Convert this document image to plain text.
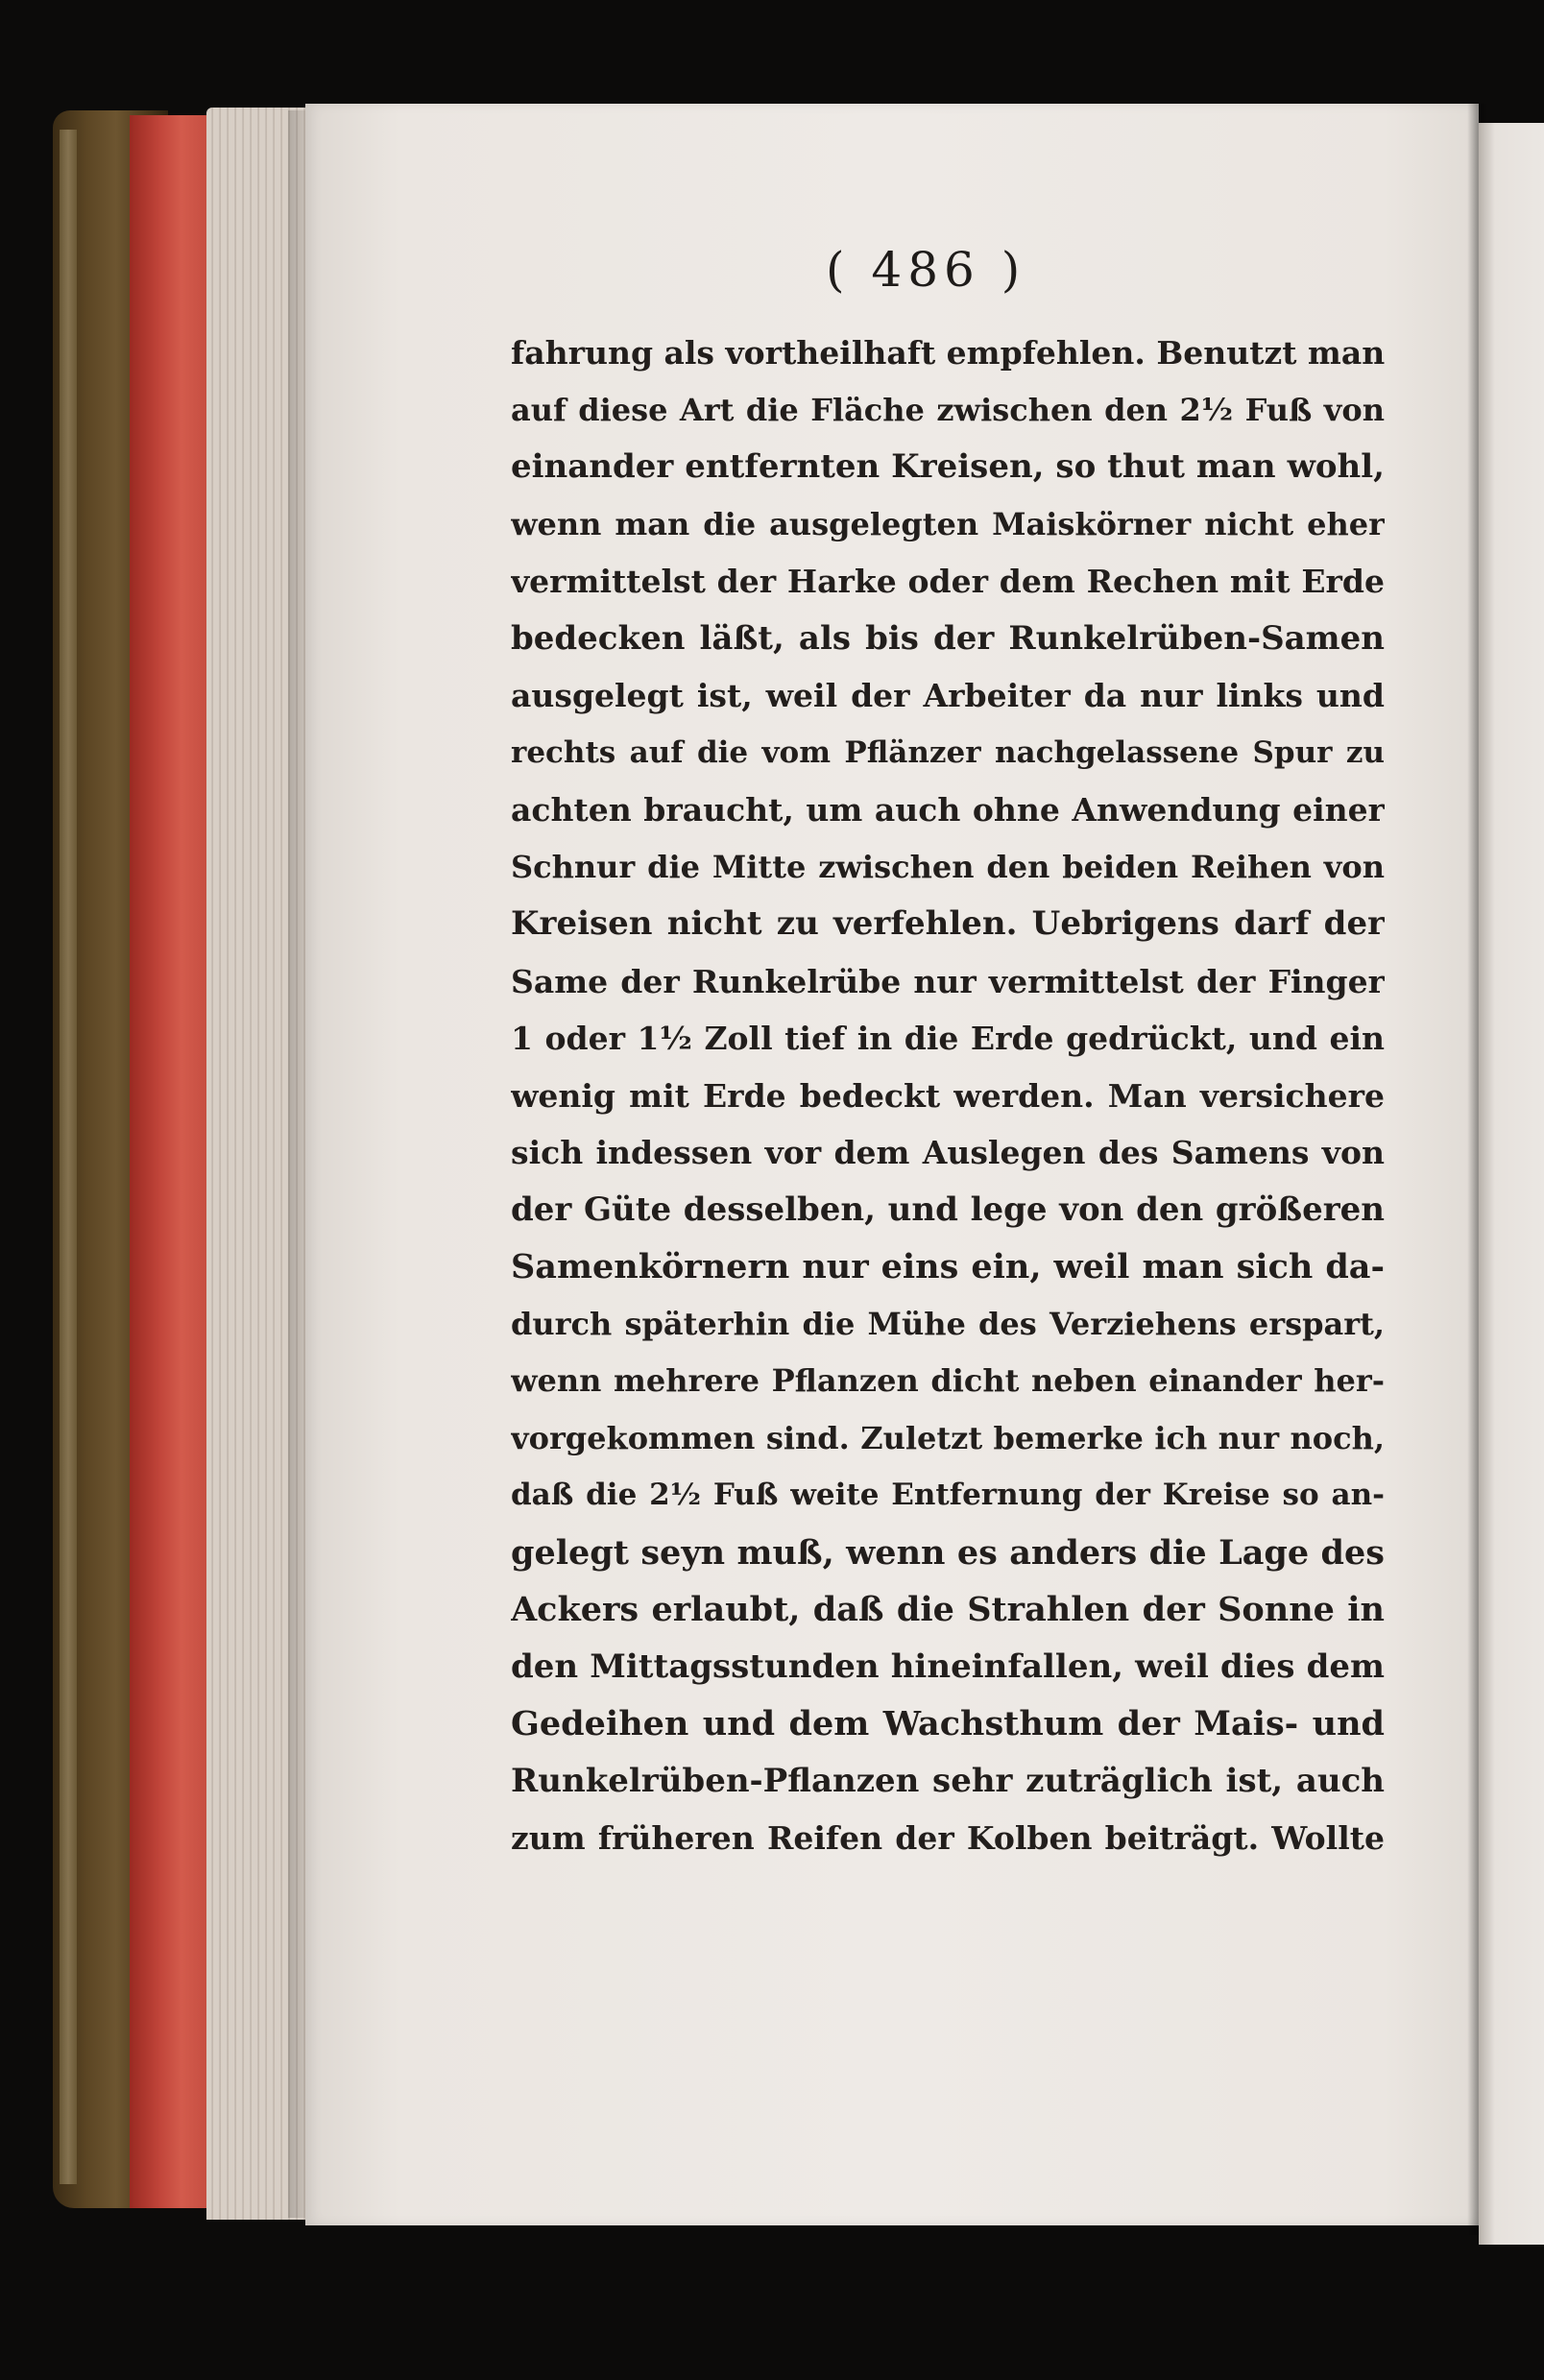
( 486 )
fahrung als vortheilhaft empfehlen. Benutzt man
auf diese Art die Fläche zwischen den 2½ Fuß von
einander entfernten Kreisen, so thut man wohl,
wenn man die ausgelegten Maiskörner nicht eher
vermittelst der Harke oder dem Rechen mit Erde
bedecken läßt, als bis der Runkelrüben-Samen
ausgelegt ist, weil der Arbeiter da nur links und
rechts auf die vom Pflänzer nachgelassene Spur zu
achten braucht, um auch ohne Anwendung einer
Schnur die Mitte zwischen den beiden Reihen von
Kreisen nicht zu verfehlen. Uebrigens darf der
Same der Runkelrübe nur vermittelst der Finger
1 oder 1½ Zoll tief in die Erde gedrückt, und ein
wenig mit Erde bedeckt werden. Man versichere
sich indessen vor dem Auslegen des Samens von
der Güte desselben, und lege von den größeren
Samenkörnern nur eins ein, weil man sich da-
durch späterhin die Mühe des Verziehens erspart,
wenn mehrere Pflanzen dicht neben einander her-
vorgekommen sind. Zuletzt bemerke ich nur noch,
daß die 2½ Fuß weite Entfernung der Kreise so an-
gelegt seyn muß, wenn es anders die Lage des
Ackers erlaubt, daß die Strahlen der Sonne in
den Mittagsstunden hineinfallen, weil dies dem
Gedeihen und dem Wachsthum der Mais- und
Runkelrüben-Pflanzen sehr zuträglich ist, auch
zum früheren Reifen der Kolben beiträgt. Wollte
